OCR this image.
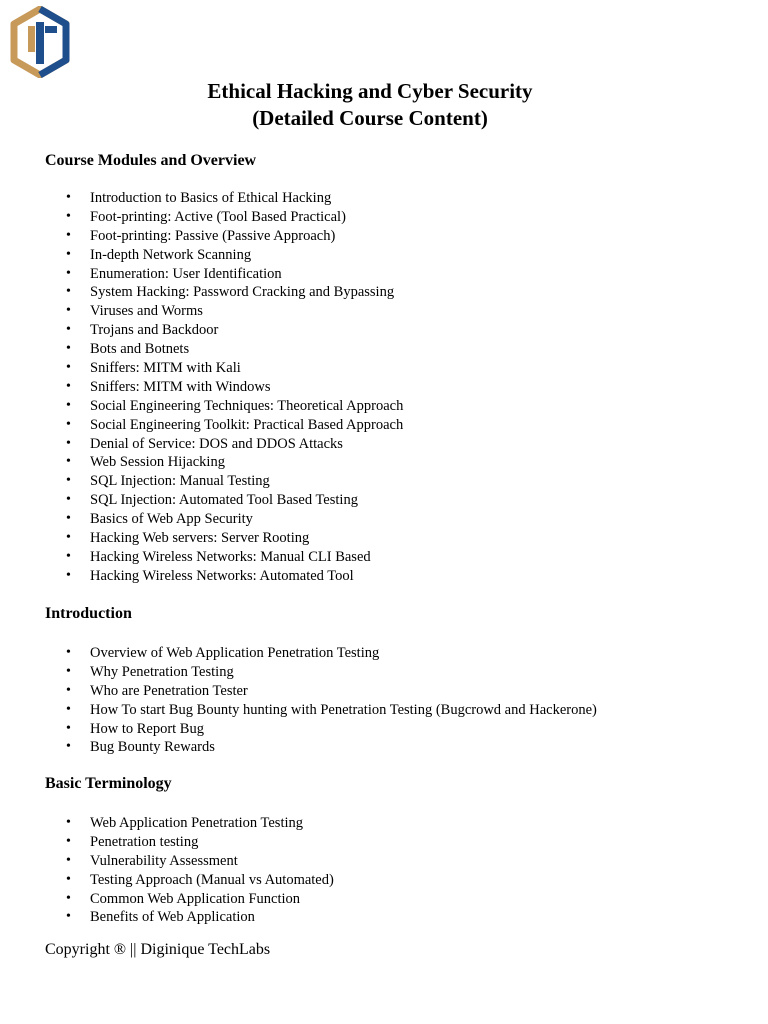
Ethical Hacking and Cyber Security
(Detailed Course Content)
Course Modules and Overview
• Introduction to Basics of Ethical Hacking
• Foot-printing: Active (Tool Based Practical)
• Foot-printing: Passive (Passive Approach)
• In-depth Network Scanning
• Enumeration: User Identification
• System Hacking: Password Cracking and Bypassing
• Viruses and Worms
• Trojans and Backdoor
• Bots and Botnets
• Sniffers: MITM with Kali
• Sniffers: MITM with Windows
• Social Engineering Techniques: Theoretical Approach
• Social Engineering Toolkit: Practical Based Approach
• Denial of Service: DOS and DDOS Attacks
• Web Session Hijacking
• SQL Injection: Manual Testing
• SQL Injection: Automated Tool Based Testing
• Basics of Web App Security
• Hacking Web servers: Server Rooting
• Hacking Wireless Networks: Manual CLI Based
• Hacking Wireless Networks: Automated Tool
Introduction
• Overview of Web Application Penetration Testing
• Why Penetration Testing
• Who are Penetration Tester
• How To start Bug Bounty hunting with Penetration Testing (Bugcrowd and Hackerone)
• How to Report Bug
• Bug Bounty Rewards
Basic Terminology
• Web Application Penetration Testing
• Penetration testing
• Vulnerability Assessment
• Testing Approach (Manual vs Automated)
• Common Web Application Function
• Benefits of Web Application
Copyright ® || Diginique TechLabs
